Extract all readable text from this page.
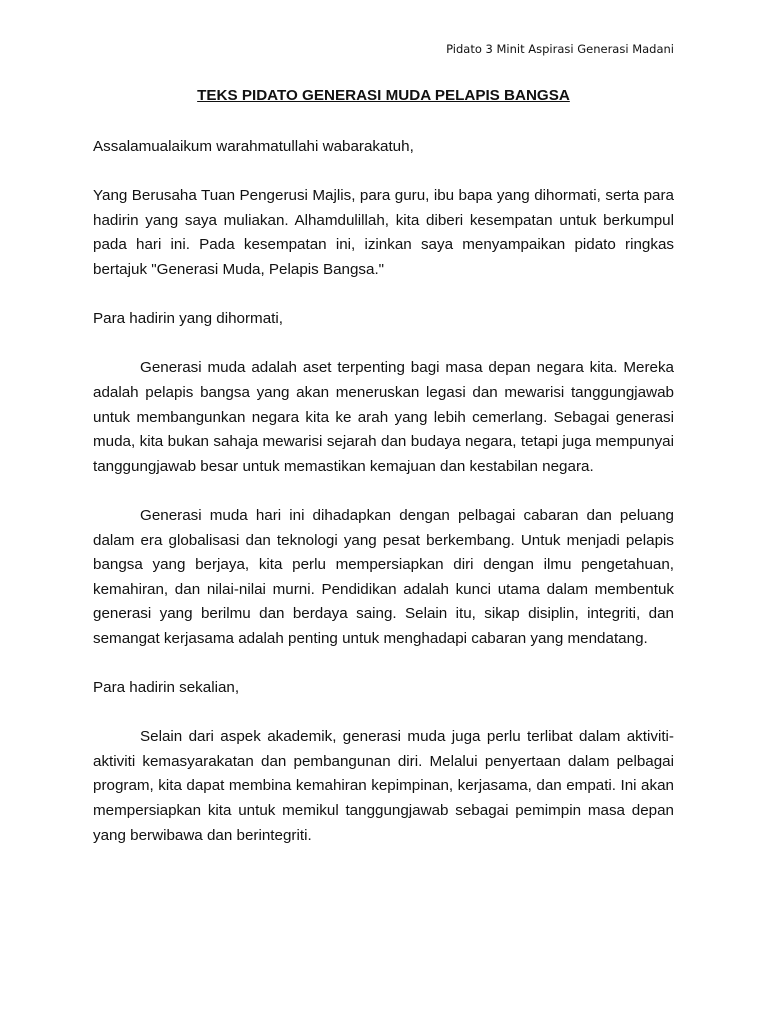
Pidato 3 Minit Aspirasi Generasi Madani

TEKS PIDATO GENERASI MUDA PELAPIS BANGSA

Assalamualaikum warahmatullahi wabarakatuh,

Yang Berusaha Tuan Pengerusi Majlis, para guru, ibu bapa yang dihormati, serta para hadirin yang saya muliakan. Alhamdulillah, kita diberi kesempatan untuk berkumpul pada hari ini. Pada kesempatan ini, izinkan saya menyampaikan pidato ringkas bertajuk "Generasi Muda, Pelapis Bangsa."

Para hadirin yang dihormati,

Generasi muda adalah aset terpenting bagi masa depan negara kita. Mereka adalah pelapis bangsa yang akan meneruskan legasi dan mewarisi tanggungjawab untuk membangunkan negara kita ke arah yang lebih cemerlang. Sebagai generasi muda, kita bukan sahaja mewarisi sejarah dan budaya negara, tetapi juga mempunyai tanggungjawab besar untuk memastikan kemajuan dan kestabilan negara.

Generasi muda hari ini dihadapkan dengan pelbagai cabaran dan peluang dalam era globalisasi dan teknologi yang pesat berkembang. Untuk menjadi pelapis bangsa yang berjaya, kita perlu mempersiapkan diri dengan ilmu pengetahuan, kemahiran, dan nilai-nilai murni. Pendidikan adalah kunci utama dalam membentuk generasi yang berilmu dan berdaya saing. Selain itu, sikap disiplin, integriti, dan semangat kerjasama adalah penting untuk menghadapi cabaran yang mendatang.

Para hadirin sekalian,

Selain dari aspek akademik, generasi muda juga perlu terlibat dalam aktiviti-aktiviti kemasyarakatan dan pembangunan diri. Melalui penyertaan dalam pelbagai program, kita dapat membina kemahiran kepimpinan, kerjasama, dan empati. Ini akan mempersiapkan kita untuk memikul tanggungjawab sebagai pemimpin masa depan yang berwibawa dan berintegriti.
